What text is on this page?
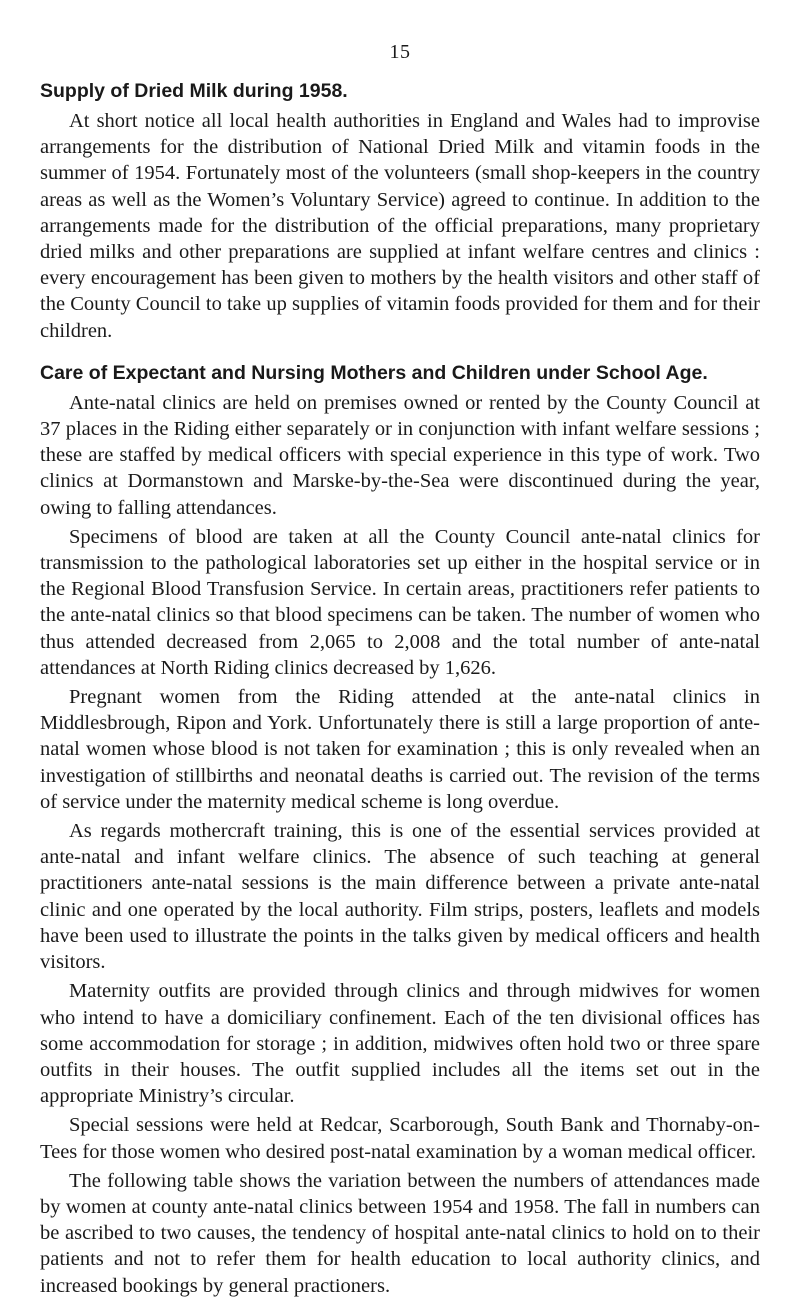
15
Supply of Dried Milk during 1958.

At short notice all local health authorities in England and Wales had to improvise arrangements for the distribution of National Dried Milk and vitamin foods in the summer of 1954. Fortunately most of the volunteers (small shop-keepers in the country areas as well as the Women’s Voluntary Service) agreed to continue. In addition to the arrangements made for the distribution of the official preparations, many proprietary dried milks and other preparations are supplied at infant welfare centres and clinics : every encouragement has been given to mothers by the health visitors and other staff of the County Council to take up supplies of vitamin foods provided for them and for their children.

Care of Expectant and Nursing Mothers and Children under School Age.

Ante-natal clinics are held on premises owned or rented by the County Council at 37 places in the Riding either separately or in conjunction with infant welfare sessions ; these are staffed by medical officers with special experience in this type of work. Two clinics at Dormanstown and Marske-by-the-Sea were discontinued during the year, owing to falling attendances.

Specimens of blood are taken at all the County Council ante-natal clinics for transmission to the pathological laboratories set up either in the hospital service or in the Regional Blood Transfusion Service. In certain areas, practitioners refer patients to the ante-natal clinics so that blood specimens can be taken. The number of women who thus attended decreased from 2,065 to 2,008 and the total number of ante-natal attendances at North Riding clinics decreased by 1,626.

Pregnant women from the Riding attended at the ante-natal clinics in Middlesbrough, Ripon and York. Unfortunately there is still a large proportion of ante-natal women whose blood is not taken for examination ; this is only revealed when an investigation of stillbirths and neonatal deaths is carried out. The revision of the terms of service under the maternity medical scheme is long overdue.

As regards mothercraft training, this is one of the essential services provided at ante-natal and infant welfare clinics. The absence of such teaching at general practitioners ante-natal sessions is the main difference between a private ante-natal clinic and one operated by the local authority. Film strips, posters, leaflets and models have been used to illustrate the points in the talks given by medical officers and health visitors.

Maternity outfits are provided through clinics and through midwives for women who intend to have a domiciliary confinement. Each of the ten divisional offices has some accommodation for storage ; in addition, midwives often hold two or three spare outfits in their houses. The outfit supplied includes all the items set out in the appropriate Ministry’s circular.

Special sessions were held at Redcar, Scarborough, South Bank and Thornaby-on-Tees for those women who desired post-natal examination by a woman medical officer.

The following table shows the variation between the numbers of attendances made by women at county ante-natal clinics between 1954 and 1958. The fall in numbers can be ascribed to two causes, the tendency of hospital ante-natal clinics to hold on to their patients and not to refer them for health education to local authority clinics, and increased bookings by general practioners.
